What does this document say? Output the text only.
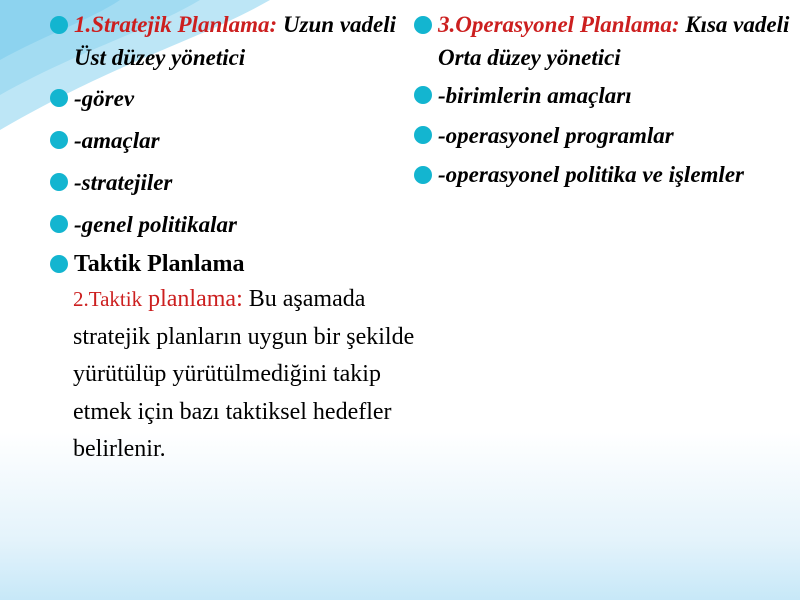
1.Stratejik Planlama: Uzun vadeli Üst düzey yönetici
-görev
-amaçlar
-stratejiler
-genel politikalar
Taktik Planlama
2.Taktik planlama: Bu aşamada stratejik planların uygun bir şekilde yürütülüp yürütülmediğini takip etmek için bazı taktiksel hedefler belirlenir.
3.Operasyonel Planlama: Kısa vadeli Orta düzey yönetici
-birimlerin amaçları
-operasyonel programlar
-operasyonel politika ve işlemler
